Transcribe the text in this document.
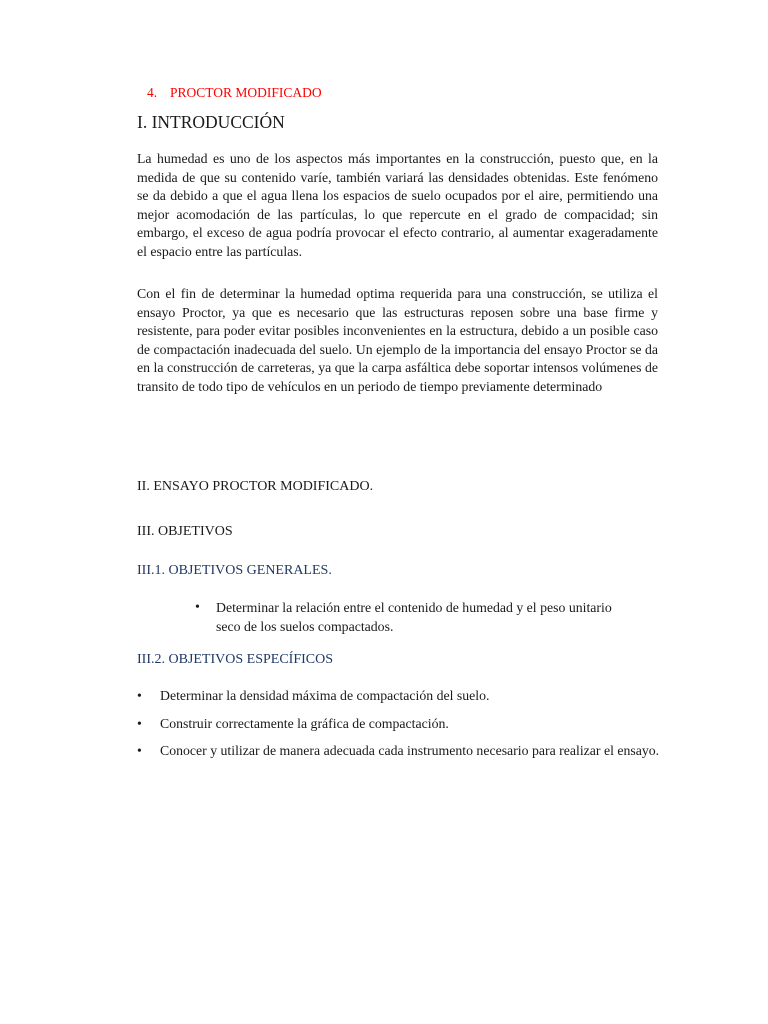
4. PROCTOR MODIFICADO
I. INTRODUCCIÓN

La humedad es uno de los aspectos más importantes en la construcción, puesto que, en la medida de que su contenido varíe, también variará las densidades obtenidas. Este fenómeno se da debido a que el agua llena los espacios de suelo ocupados por el aire, permitiendo una mejor acomodación de las partículas, lo que repercute en el grado de compacidad; sin embargo, el exceso de agua podría provocar el efecto contrario, al aumentar exageradamente el espacio entre las partículas.

Con el fin de determinar la humedad optima requerida para una construcción, se utiliza el ensayo Proctor, ya que es necesario que las estructuras reposen sobre una base firme y resistente, para poder evitar posibles inconvenientes en la estructura, debido a un posible caso de compactación inadecuada del suelo. Un ejemplo de la importancia del ensayo Proctor se da en la construcción de carreteras, ya que la carpa asfáltica debe soportar intensos volúmenes de transito de todo tipo de vehículos en un periodo de tiempo previamente determinado

II. ENSAYO PROCTOR MODIFICADO.
III. OBJETIVOS
III.1. OBJETIVOS GENERALES.
• Determinar la relación entre el contenido de humedad y el peso unitario seco de los suelos compactados.
III.2. OBJETIVOS ESPECÍFICOS
• Determinar la densidad máxima de compactación del suelo.
• Construir correctamente la gráfica de compactación.
• Conocer y utilizar de manera adecuada cada instrumento necesario para realizar el ensayo.
